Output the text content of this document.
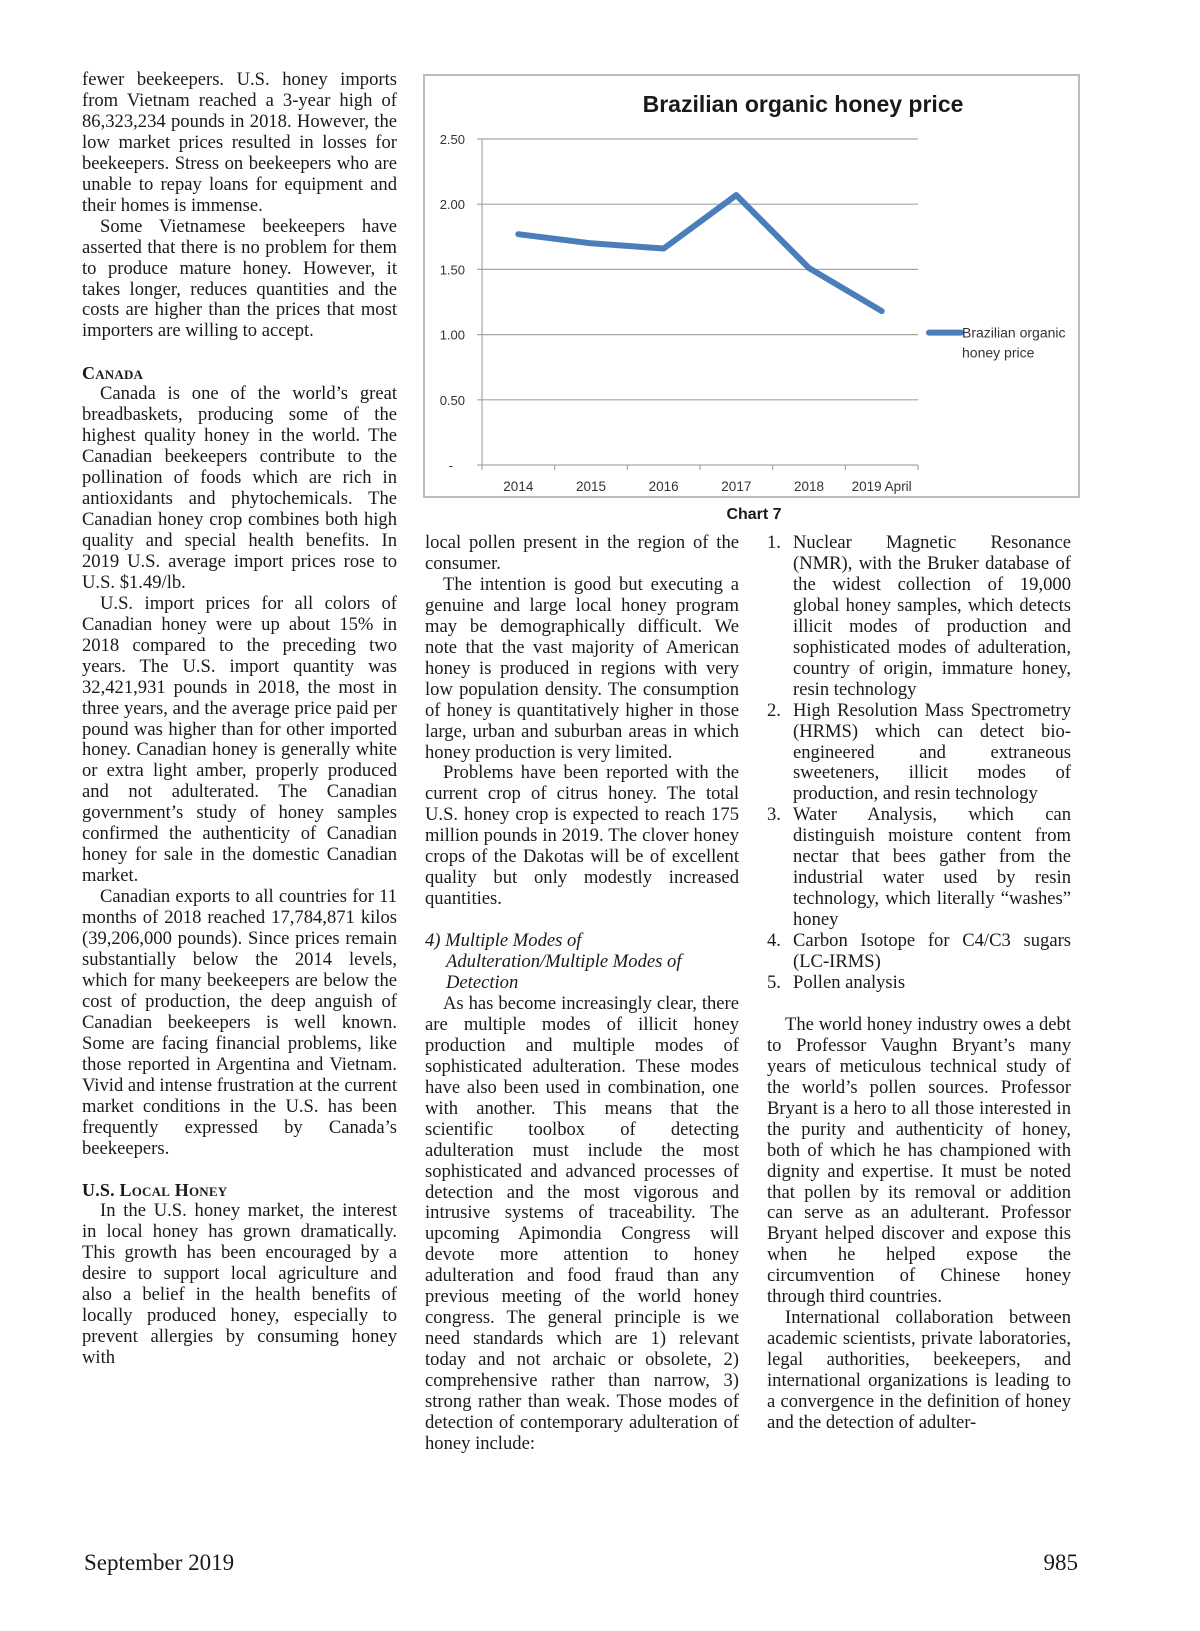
fewer beekeepers. U.S. honey imports from Vietnam reached a 3-year high of 86,323,234 pounds in 2018. However, the low market prices resulted in losses for beekeepers. Stress on beekeepers who are unable to repay loans for equipment and their homes is immense.

Some Vietnamese beekeepers have asserted that there is no problem for them to produce mature honey. However, it takes longer, reduces quantities and the costs are higher than the prices that most importers are willing to accept.

Canada

Canada is one of the world’s great breadbaskets, producing some of the highest quality honey in the world. The Canadian beekeepers contribute to the pollination of foods which are rich in antioxidants and phytochemicals. The Canadian honey crop combines both high quality and special health benefits. In 2019 U.S. average import prices rose to U.S. $1.49/lb.

U.S. import prices for all colors of Canadian honey were up about 15% in 2018 compared to the preceding two years. The U.S. import quantity was 32,421,931 pounds in 2018, the most in three years, and the average price paid per pound was higher than for other imported honey. Canadian honey is generally white or extra light amber, properly produced and not adulterated. The Canadian government’s study of honey samples confirmed the authenticity of Canadian honey for sale in the domestic Canadian market.

Canadian exports to all countries for 11 months of 2018 reached 17,784,871 kilos (39,206,000 pounds). Since prices remain substantially below the 2014 levels, which for many beekeepers are below the cost of production, the deep anguish of Canadian beekeepers is well known. Some are facing financial problems, like those reported in Argentina and Vietnam. Vivid and intense frustration at the current market conditions in the U.S. has been frequently expressed by Canada’s beekeepers.

U.S. Local Honey

In the U.S. honey market, the interest in local honey has grown dramatically. This growth has been encouraged by a desire to support local agriculture and also a belief in the health benefits of locally produced honey, especially to prevent allergies by consuming honey with

Brazilian organic honey price
-
0.50
1.00
1.50
2.00
2.50
2014	2015	2016	2017	2018 2019 April
Brazilian organic
honey price
Chart 7

local pollen present in the region of the consumer.

The intention is good but executing a genuine and large local honey program may be demographically difficult. We note that the vast majority of American honey is produced in regions with very low population density. The consumption of honey is quantitatively higher in those large, urban and suburban areas in which honey production is very limited.

Problems have been reported with the current crop of citrus honey. The total U.S. honey crop is expected to reach 175 million pounds in 2019. The clover honey crops of the Dakotas will be of excellent quality but only modestly increased quantities.

4) Multiple Modes of Adulteration/Multiple Modes of Detection

As has become increasingly clear, there are multiple modes of illicit honey production and multiple modes of sophisticated adulteration. These modes have also been used in combination, one with another. This means that the scientific toolbox of detecting adulteration must include the most sophisticated and advanced processes of detection and the most vigorous and intrusive systems of traceability. The upcoming Apimondia Congress will devote more attention to honey adulteration and food fraud than any previous meeting of the world honey congress. The general principle is we need standards which are 1) relevant today and not archaic or obsolete, 2) comprehensive rather than narrow, 3) strong rather than weak. Those modes of detection of contemporary adulteration of honey include:

1. Nuclear Magnetic Resonance (NMR), with the Bruker database of the widest collection of 19,000 global honey samples, which detects illicit modes of production and sophisticated modes of adulteration, country of origin, immature honey, resin technology
2. High Resolution Mass Spectrometry (HRMS) which can detect bio-engineered and extraneous sweeteners, illicit modes of production, and resin technology
3. Water Analysis, which can distinguish moisture content from nectar that bees gather from the industrial water used by resin technology, which literally “washes” honey
4. Carbon Isotope for C4/C3 sugars (LC-IRMS)
5. Pollen analysis

The world honey industry owes a debt to Professor Vaughn Bryant’s many years of meticulous technical study of the world’s pollen sources. Professor Bryant is a hero to all those interested in the purity and authenticity of honey, both of which he has championed with dignity and expertise. It must be noted that pollen by its removal or addition can serve as an adulterant. Professor Bryant helped discover and expose this when he helped expose the circumvention of Chinese honey through third countries.

International collaboration between academic scientists, private laboratories, legal authorities, beekeepers, and international organizations is leading to a convergence in the definition of honey and the detection of adulter-

September 2019	985
